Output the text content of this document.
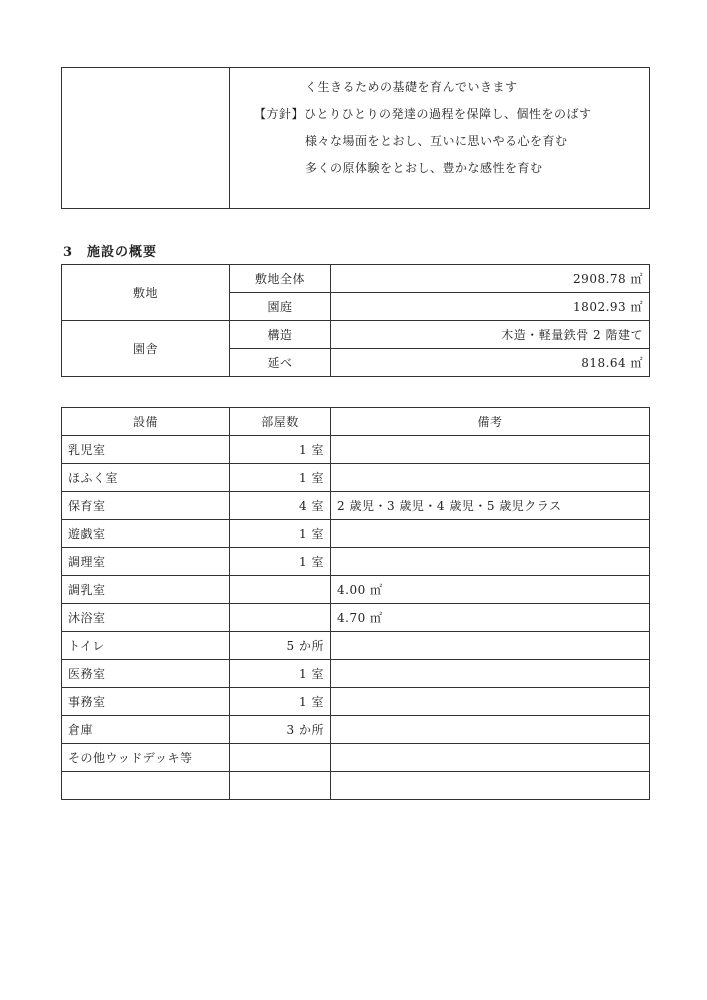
く生きるための基礎を育んでいきます
【方針】ひとりひとりの発達の過程を保障し、個性をのばす
様々な場面をとおし、互いに思いやる心を育む
多くの原体験をとおし、豊かな感性を育む
3　施設の概要
敷地	敷地全体	2908.78 ㎡
	園庭	1802.93 ㎡
園舎	構造	木造・軽量鉄骨 2 階建て
	延べ	818.64 ㎡
設備	部屋数	備考
乳児室	1 室	
ほふく室	1 室	
保育室	4 室	2 歳児・3 歳児・4 歳児・5 歳児クラス
遊戯室	1 室	
調理室	1 室	
調乳室		4.00 ㎡
沐浴室		4.70 ㎡
トイレ	5 か所	
医務室	1 室	
事務室	1 室	
倉庫	3 か所	
その他ウッドデッキ等		
